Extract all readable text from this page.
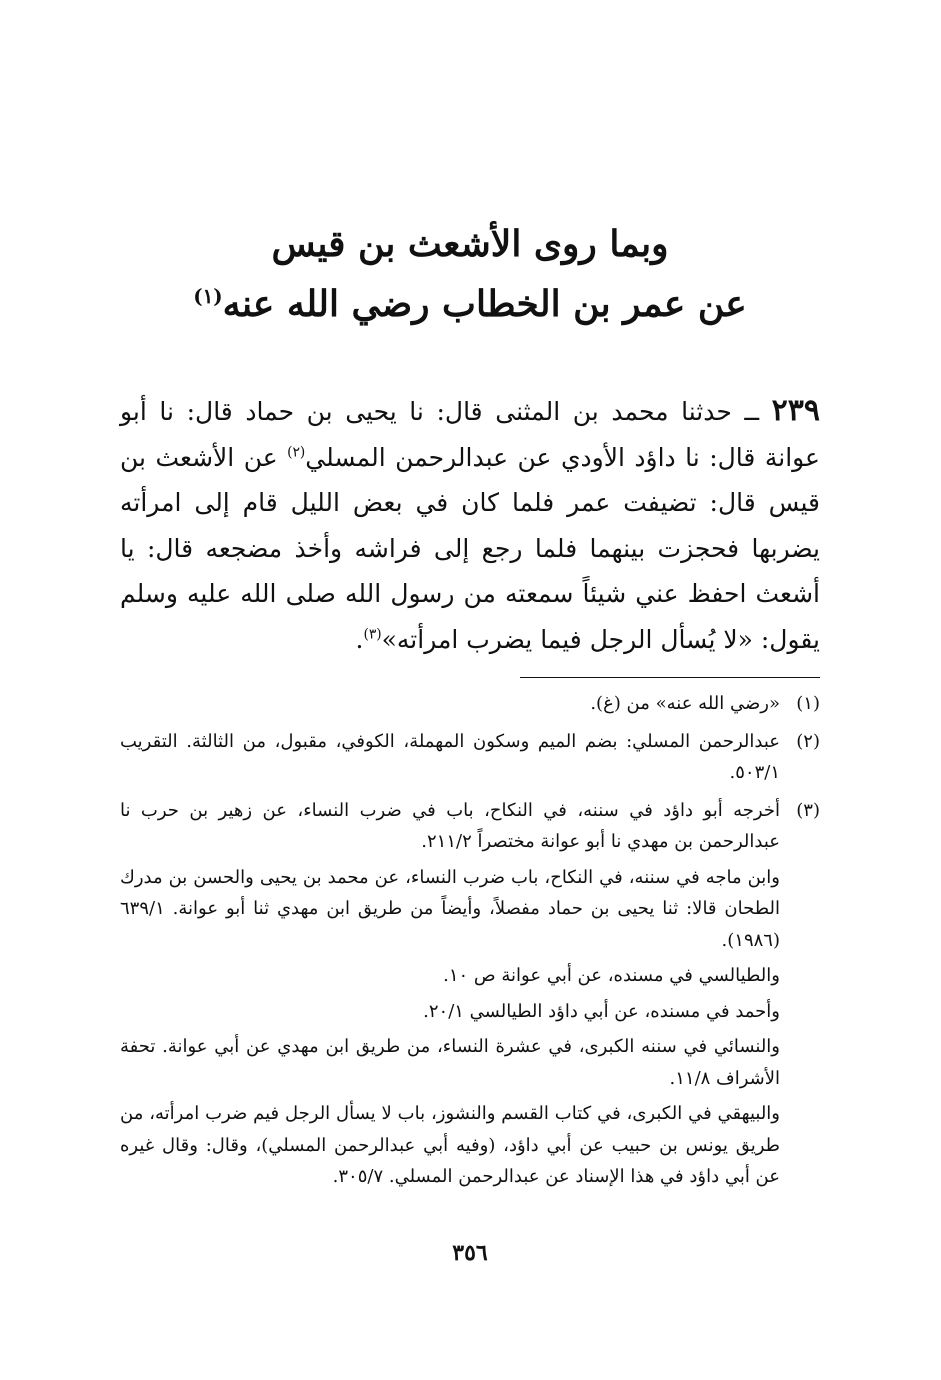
وبما روى الأشعث بن قيس
عن عمر بن الخطاب رضي الله عنه$^{(١)}$
٢٣٩ ــ حدثنا محمد بن المثنى قال: نا يحيى بن حماد قال: نا أبو عوانة قال: نا داؤد الأودي عن عبدالرحمن المسلي$^{(٢)}$ عن الأشعث بن قيس قال: تضيفت عمر فلما كان في بعض الليل قام إلى امرأته يضربها فحجزت بينهما فلما رجع إلى فراشه وأخذ مضجعه قال: يا أشعث احفظ عني شيئاً سمعته من رسول الله صلى الله عليه وسلم يقول: «لا يُسأل الرجل فيما يضرب امرأته»$^{(٣)}$.
(١)

«رضي الله عنه» من (غ).

(٢)

عبدالرحمن المسلي: بضم الميم وسكون المهملة، الكوفي، مقبول، من الثالثة. التقريب ٥٠٣/١.

(٣)

أخرجه أبو داؤد في سننه، في النكاح، باب في ضرب النساء، عن زهير بن حرب نا عبدالرحمن بن مهدي نا أبو عوانة مختصراً ٢١١/٢.

وابن ماجه في سننه، في النكاح، باب ضرب النساء، عن محمد بن يحيى والحسن بن مدرك الطحان قالا: ثنا يحيى بن حماد مفصلاً، وأيضاً من طريق ابن مهدي ثنا أبو عوانة. ٦٣٩/١ (١٩٨٦).

والطيالسي في مسنده، عن أبي عوانة ص ١٠.

وأحمد في مسنده، عن أبي داؤد الطيالسي ٢٠/١.

والنسائي في سننه الكبرى، في عشرة النساء، من طريق ابن مهدي عن أبي عوانة. تحفة الأشراف ١١/٨.

والبيهقي في الكبرى، في كتاب القسم والنشوز، باب لا يسأل الرجل فيم ضرب امرأته، من طريق يونس بن حبيب عن أبي داؤد، (وفيه أبي عبدالرحمن المسلي)، وقال: وقال غيره عن أبي داؤد في هذا الإسناد عن عبدالرحمن المسلي. ٣٠٥/٧.

٣٥٦
